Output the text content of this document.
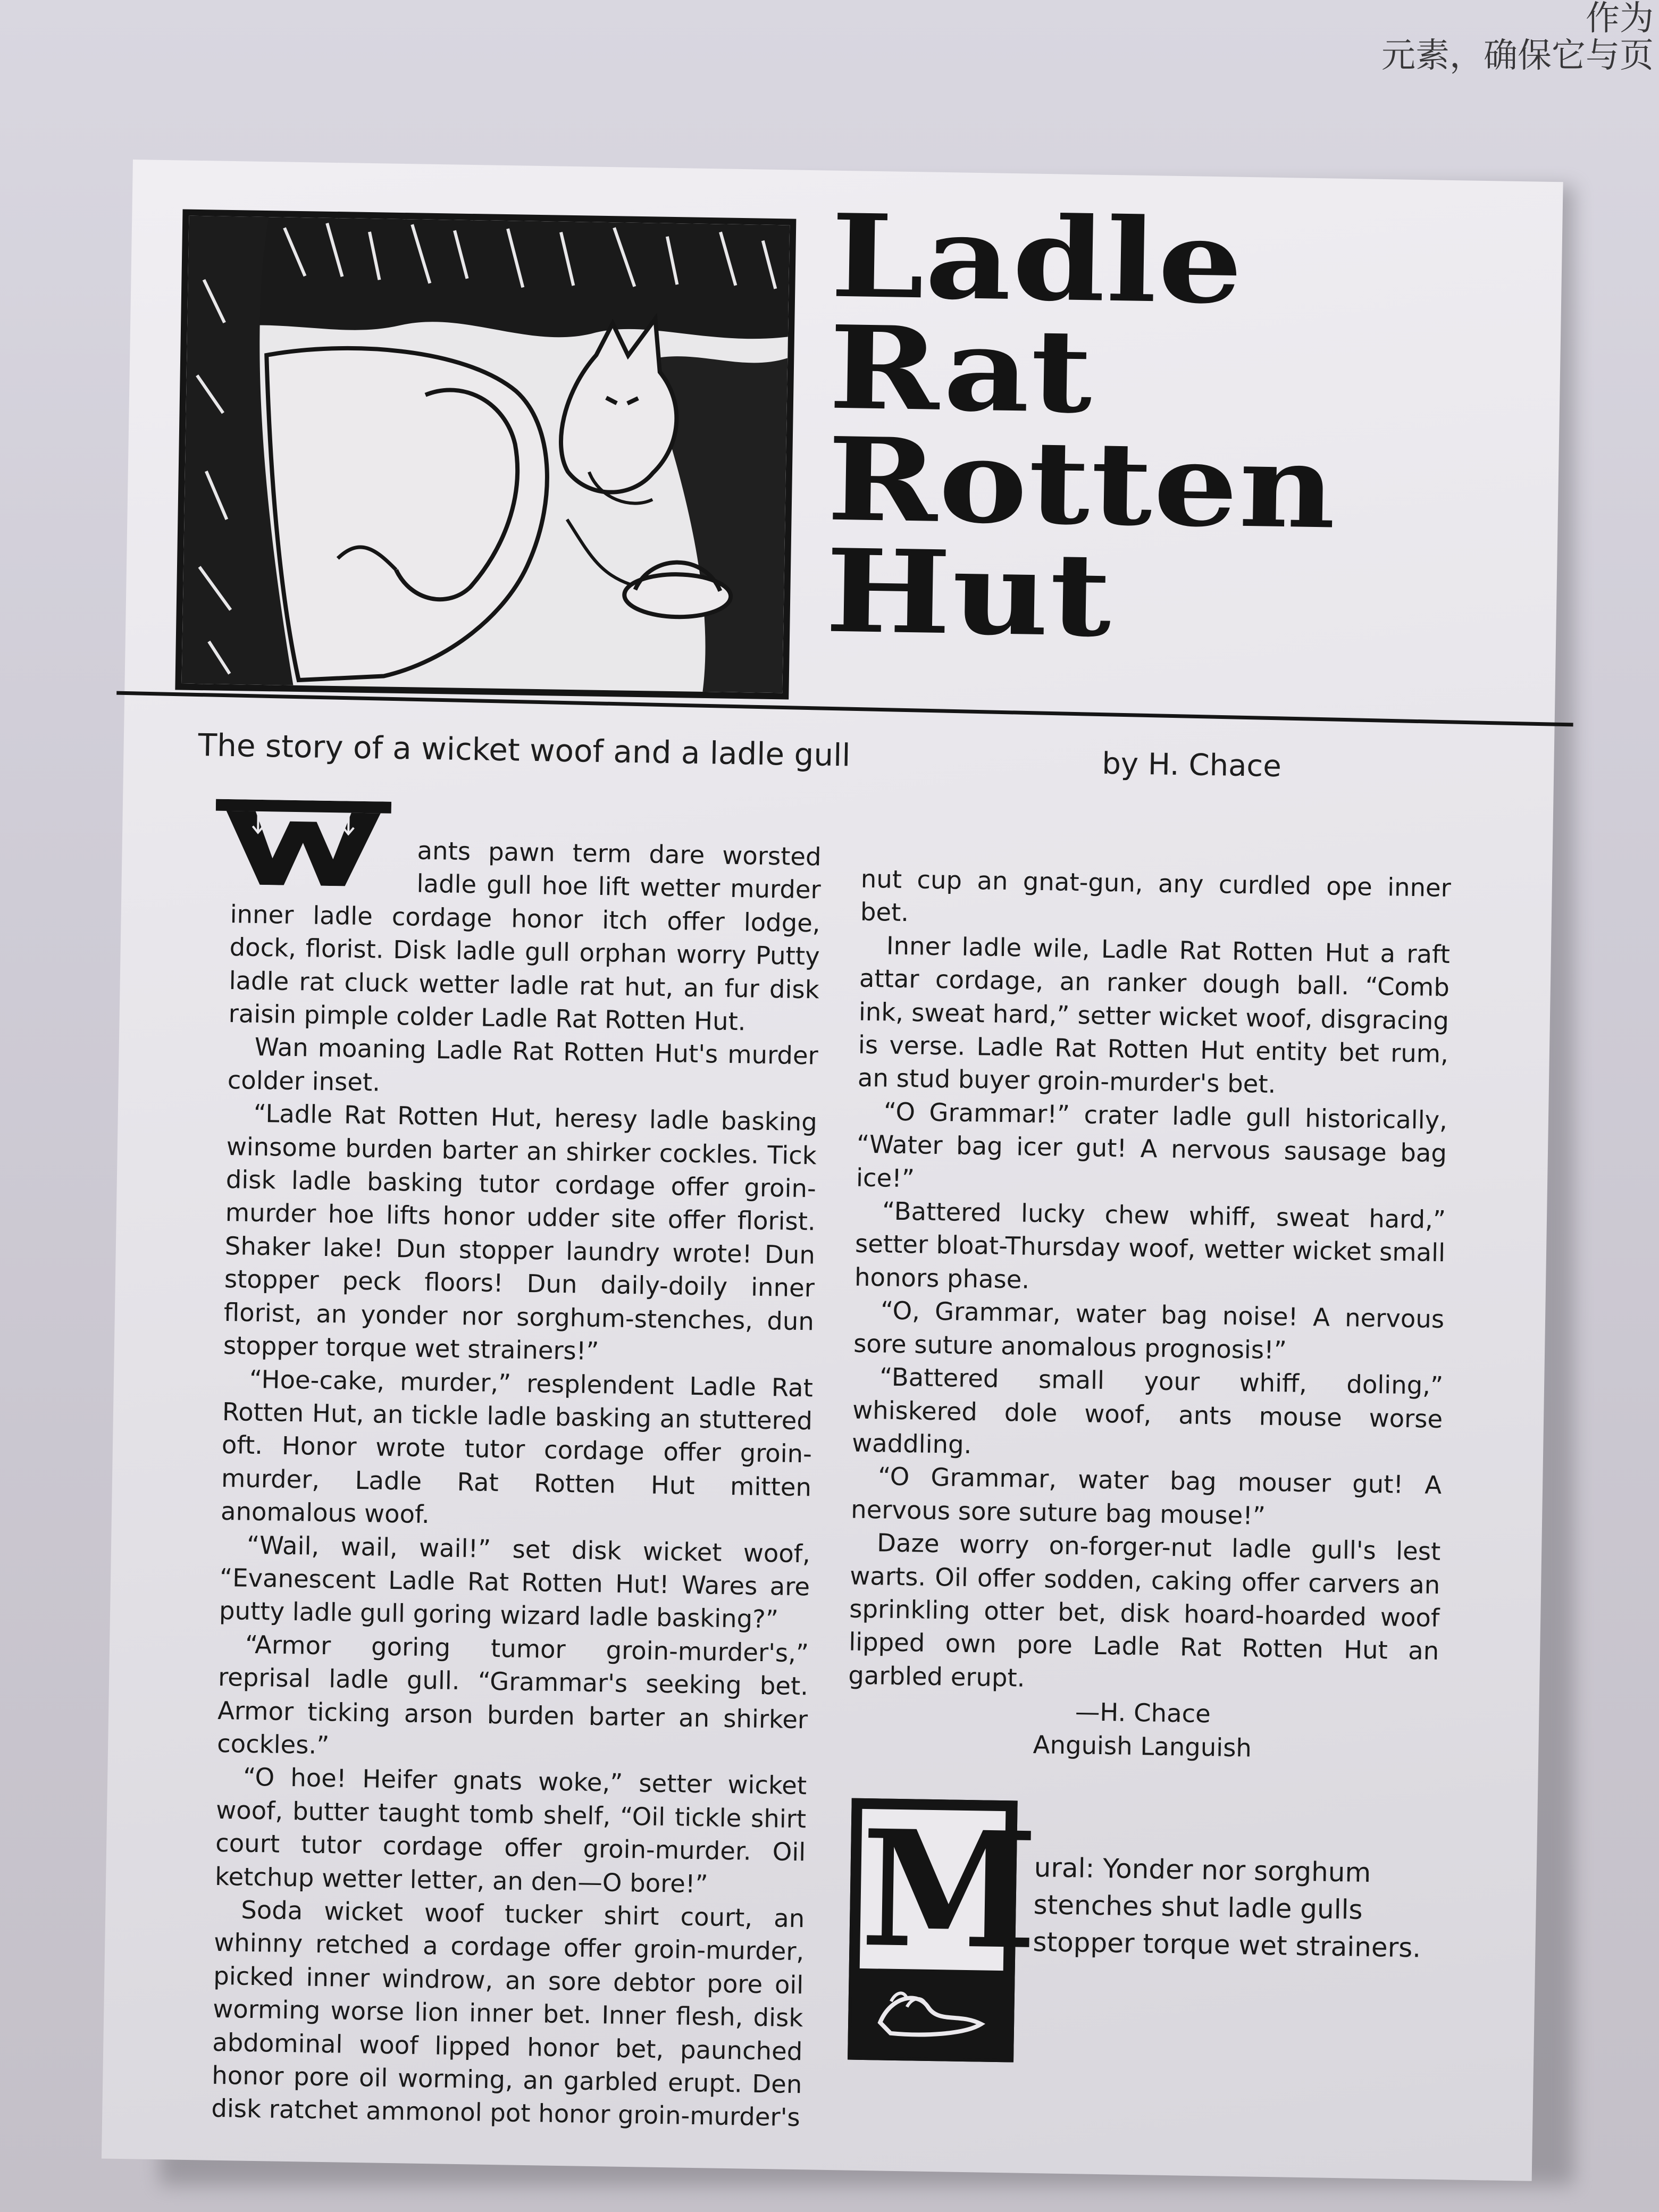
作为
元素，确保它与页
Ladle
Rat
Rotten
Hut
The story of a wicket woof and a ladle gull	by H. Chace

ants pawn term dare worsted ladle gull hoe lift wetter murder inner ladle cordage honor itch offer lodge, dock, florist. Disk ladle gull orphan worry Putty ladle rat cluck wetter ladle rat hut, an fur disk raisin pimple colder Ladle Rat Rotten Hut.

Wan moaning Ladle Rat Rotten Hut's murder colder inset.

“Ladle Rat Rotten Hut, heresy ladle basking winsome burden barter an shirker cockles. Tick disk ladle basking tutor cordage offer groin-murder hoe lifts honor udder site offer florist. Shaker lake! Dun stopper laundry wrote! Dun stopper peck floors! Dun daily-doily inner florist, an yonder nor sorghum-stenches, dun stopper torque wet strainers!”

“Hoe-cake, murder,” resplendent Ladle Rat Rotten Hut, an tickle ladle basking an stuttered oft. Honor wrote tutor cordage offer groin-murder, Ladle Rat Rotten Hut mitten anomalous woof.

“Wail, wail, wail!” set disk wicket woof, “Evanescent Ladle Rat Rotten Hut! Wares are putty ladle gull goring wizard ladle basking?”

“Armor goring tumor groin-murder's,” reprisal ladle gull. “Grammar's seeking bet. Armor ticking arson burden barter an shirker cockles.”

“O hoe! Heifer gnats woke,” setter wicket woof, butter taught tomb shelf, “Oil tickle shirt court tutor cordage offer groin-murder. Oil ketchup wetter letter, an den—O bore!”

Soda wicket woof tucker shirt court, an whinny retched a cordage offer groin-murder, picked inner windrow, an sore debtor pore oil worming worse lion inner bet. Inner flesh, disk abdominal woof lipped honor bet, paunched honor pore oil worming, an garbled erupt. Den disk ratchet ammonol pot honor groin-murder's

nut cup an gnat-gun, any curdled ope inner bet.

Inner ladle wile, Ladle Rat Rotten Hut a raft attar cordage, an ranker dough ball. “Comb ink, sweat hard,” setter wicket woof, disgracing is verse. Ladle Rat Rotten Hut entity bet rum, an stud buyer groin-murder's bet.

“O Grammar!” crater ladle gull historically, “Water bag icer gut! A nervous sausage bag ice!”

“Battered lucky chew whiff, sweat hard,” setter bloat-Thursday woof, wetter wicket small honors phase.

“O, Grammar, water bag noise! A nervous sore suture anomalous prognosis!”

“Battered small your whiff, doling,” whiskered dole woof, ants mouse worse waddling.

“O Grammar, water bag mouser gut! A nervous sore suture bag mouse!”

Daze worry on-forger-nut ladle gull's lest warts. Oil offer sodden, caking offer carvers an sprinkling otter bet, disk hoard-hoarded woof lipped own pore Ladle Rat Rotten Hut an garbled erupt.

—H. Chace

Anguish Languish

M
ural: Yonder nor sorghum stenches shut ladle gulls stopper torque wet strainers.
